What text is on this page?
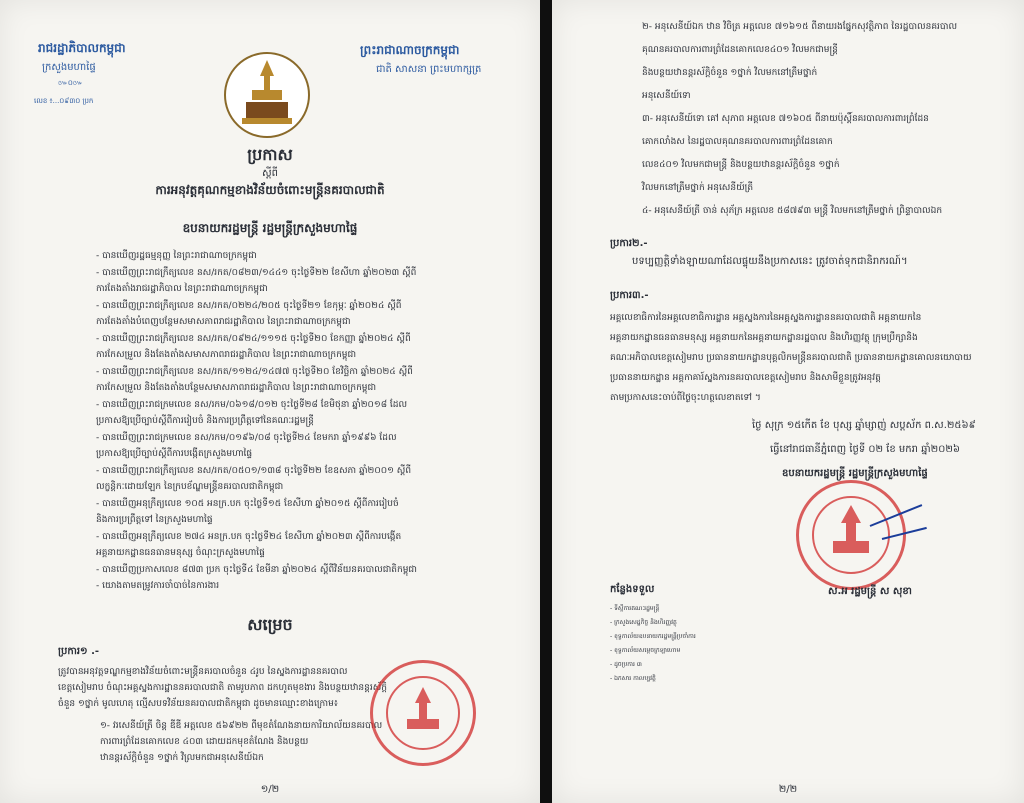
រាជរដ្ឋាភិបាលកម្ពុជា
ក្រសួងមហាផ្ទៃ
៚០៚
លេខ ៖...០៩៣០ ប្រក
ព្រះរាជាណាចក្រកម្ពុជា
ជាតិ សាសនា ព្រះមហាក្សត្រ
ប្រកាស
ស្តីពី
ការអនុវត្តគុណកម្មខាងវិន័យចំពោះមន្ត្រីនគរបាលជាតិ
ឧបនាយករដ្ឋមន្ត្រី រដ្ឋមន្ត្រីក្រសួងមហាផ្ទៃ
- បានឃើញរដ្ឋធម្មនុញ្ញ នៃព្រះរាជាណាចក្រកម្ពុជា
- បានឃើញព្រះរាជក្រឹត្យលេខ នស/រកត/០៨២៣/១៤៤១ ចុះថ្ងៃទី២២ ខែសីហា ឆ្នាំ២០២៣ ស្តីពី
ការតែងតាំងរាជរដ្ឋាភិបាល នៃព្រះរាជាណាចក្រកម្ពុជា
- បានឃើញព្រះរាជក្រឹត្យលេខ នស/រកត/០២២៤/២០៥ ចុះថ្ងៃទី២១ ខែកុម្ភៈ ឆ្នាំ២០២៤ ស្តីពី
ការតែងតាំងបំពេញបន្ថែមសមាសភាពរាជរដ្ឋាភិបាល នៃព្រះរាជាណាចក្រកម្ពុជា
- បានឃើញព្រះរាជក្រឹត្យលេខ នស/រកត/០៩២៤/១១១៥ ចុះថ្ងៃទី២០ ខែកញ្ញា ឆ្នាំ២០២៤ ស្តីពី
ការកែសម្រួល និងតែងតាំងសមាសភាពរាជរដ្ឋាភិបាល នៃព្រះរាជាណាចក្រកម្ពុជា
- បានឃើញព្រះរាជក្រឹត្យលេខ នស/រកត/១១២៤/១៤៧៧ ចុះថ្ងៃទី២០ ខែវិច្ឆិកា ឆ្នាំ២០២៤ ស្តីពី
ការកែសម្រួល និងតែងតាំងបន្ថែមសមាសភាពរាជរដ្ឋាភិបាល នៃព្រះរាជាណាចក្រកម្ពុជា
- បានឃើញព្រះរាជក្រមលេខ នស/រកម/០៦១៨/០១២ ចុះថ្ងៃទី២៨ ខែមិថុនា ឆ្នាំ២០១៨ ដែល
ប្រកាសឱ្យប្រើច្បាប់ស្តីពីការរៀបចំ និងការប្រព្រឹត្តទៅនៃគណៈរដ្ឋមន្ត្រី
- បានឃើញព្រះរាជក្រមលេខ នស/រកម/០១៩៦/០៨ ចុះថ្ងៃទី២៤ ខែមករា ឆ្នាំ១៩៩៦ ដែល
ប្រកាសឱ្យប្រើច្បាប់ស្តីពីការបង្កើតក្រសួងមហាផ្ទៃ
- បានឃើញព្រះរាជក្រឹត្យលេខ នស/រកត/០៥០១/១៣៨ ចុះថ្ងៃទី២២ ខែឧសភា ឆ្នាំ២០០១ ស្តីពី
លក្ខន្តិកៈដោយឡែក នៃក្របខ័ណ្ឌមន្ត្រីនគរបាលជាតិកម្ពុជា
- បានឃើញអនុក្រឹត្យលេខ ១០៥ អនក្រ.បក ចុះថ្ងៃទី១៥ ខែសីហា ឆ្នាំ២០១៥ ស្តីពីការរៀបចំ
និងការប្រព្រឹត្តទៅ នៃក្រសួងមហាផ្ទៃ
- បានឃើញអនុក្រឹត្យលេខ ២៧៤ អនក្រ.បក ចុះថ្ងៃទី២៤ ខែសីហា ឆ្នាំ២០២៣ ស្តីពីការបង្កើត
អគ្គនាយកដ្ឋានធនធានមនុស្ស ចំណុះក្រសួងមហាផ្ទៃ
- បានឃើញប្រកាសលេខ ៨៧៣ ប្រក ចុះថ្ងៃទី៤ ខែមីនា ឆ្នាំ២០២៤ ស្តីពីវិន័យនគរបាលជាតិកម្ពុជា
- យោងតាមតម្រូវការចាំបាច់នៃការងារ
សម្រេច
ប្រការ១ .-
ត្រូវបានអនុវត្តទណ្ឌកម្មខាងវិន័យចំពោះមន្ត្រីនគរបាលចំនួន ៤រូប នៃស្នងការដ្ឋាននគរបាល
ខេត្តសៀមរាប ចំណុះអគ្គស្នងការដ្ឋាននគរបាលជាតិ តាមរូបភាព ដកហូតមុខងារ និងបន្ថយឋានន្តរស័ក្តិ
ចំនួន ១ថ្នាក់ មូលហេតុ ល្មើសបទវិន័យនគរបាលជាតិកម្ពុជា ដូចមានឈ្មោះខាងក្រោម៖
១- វរសេនីយ៍ត្រី ចិន្ត ឌីឌី អត្តលេខ ៥៦៩២២ ពីមុខតំណែងនាយការិយាល័យនគរបាល
ការពារព្រំដែនគោកលេខ ៤០៣ ដោយដកមុខតំណែង និងបន្ថយ
ឋានន្តរស័ក្តិចំនួន ១ថ្នាក់ វិល្រមកជាអនុសេនីយ៍ឯក
១/២
២- អនុសេនីយ៍ឯក ឋាន វិចិត្រ អត្តលេខ ៧១៦១៥ ពីនាយរងផ្នែកសុវត្ថិភាព នៃរដ្ឋបាលនគរបាល
គុណនគរបាលការពារព្រំដែនគោកលេខ៤០១ វិលមកជាមន្ត្រី
និងបន្ថយឋានន្តរស័ក្តិចំនួន ១ថ្នាក់ វិលមកនៅត្រឹមថ្នាក់
អនុសេនីយ៍ទោ
៣- អនុសេនីយ៍ទោ គៅ សុភាព អត្តលេខ ៧១៦០៥ ពីនាយប៉ុស្តិ៍នគរបាលការពារព្រំដែន
គោកលាំងស នៃរដ្ឋបាលគុណនគរបាលការពារព្រំដែនគោក
លេខ៤០១ វិលមកជាមន្ត្រី និងបន្ថយឋានន្តរស័ក្តិចំនួន ១ថ្នាក់
វិលមកនៅត្រឹមថ្នាក់ អនុសេនីយ៍ត្រី
៤- អនុសេនីយ៍ត្រី ចាន់ សុភ័ក្រ អត្តលេខ ៥៨៧៩៣ មន្ត្រី វិលមកនៅត្រឹមថ្នាក់ ព្រិន្ទាបាលឯក
ប្រការ២.-
បទប្បញ្ញត្តិទាំងឡាយណាដែលផ្ទុយនឹងប្រកាសនេះ ត្រូវចាត់ទុកជានិរាករណ៍។
ប្រការ៣.-
អគ្គលេខាធិការនៃអគ្គលេខាធិការដ្ឋាន អគ្គស្នងការនៃអគ្គស្នងការដ្ឋាននគរបាលជាតិ អគ្គនាយកនៃ
អគ្គនាយកដ្ឋានធនធានមនុស្ស អគ្គនាយកនៃអគ្គនាយកដ្ឋានរដ្ឋបាល និងហិរញ្ញវត្ថុ ក្រុមប្រឹក្សានិង
គណៈអភិបាលខេត្តសៀមរាប ប្រធាននាយកដ្ឋានបុគ្គលិកមន្ត្រីនគរបាលជាតិ ប្រធាននាយកដ្ឋានគោលនយោបាយ
ប្រធាននាយកដ្ឋាន អគ្គកាគារ៍ស្នងការនគរបាលខេត្តសៀមរាប និងសាមីខ្លួនត្រូវអនុវត្ត
តាមប្រកាសនេះចាប់ពីថ្ងៃចុះហត្ថលេខាតទៅ ។
ថ្ងៃ សុក្រ ១៥កើត ខែ បុស្ស ឆ្នាំម្សាញ់ សប្តស័ក ព.ស.២៥៦៩
ធ្វើនៅរាជធានីភ្នំពេញ ថ្ងៃទី ០២ ខែ មករា ឆ្នាំ២០២៦
ឧបនាយករដ្ឋមន្ត្រី រដ្ឋមន្ត្រីក្រសួងមហាផ្ទៃ
ស.អ រដ្ឋមន្ត្រី ស សុខា
កន្លែងទទួល
- ទីស្តីការគណៈរដ្ឋមន្ត្រី
- ក្រសួងសេដ្ឋកិច្ច និងហិរញ្ញវត្ថុ
- ខុទ្ទកាល័យឧបនាយករដ្ឋមន្ត្រីប្រចាំការ
- ខុទ្ទកាល័យសម្តេចក្រឡាហោម
- ដូចប្រការ ៣
- ឯកសារ កាលប្បវត្តិ
២/២
